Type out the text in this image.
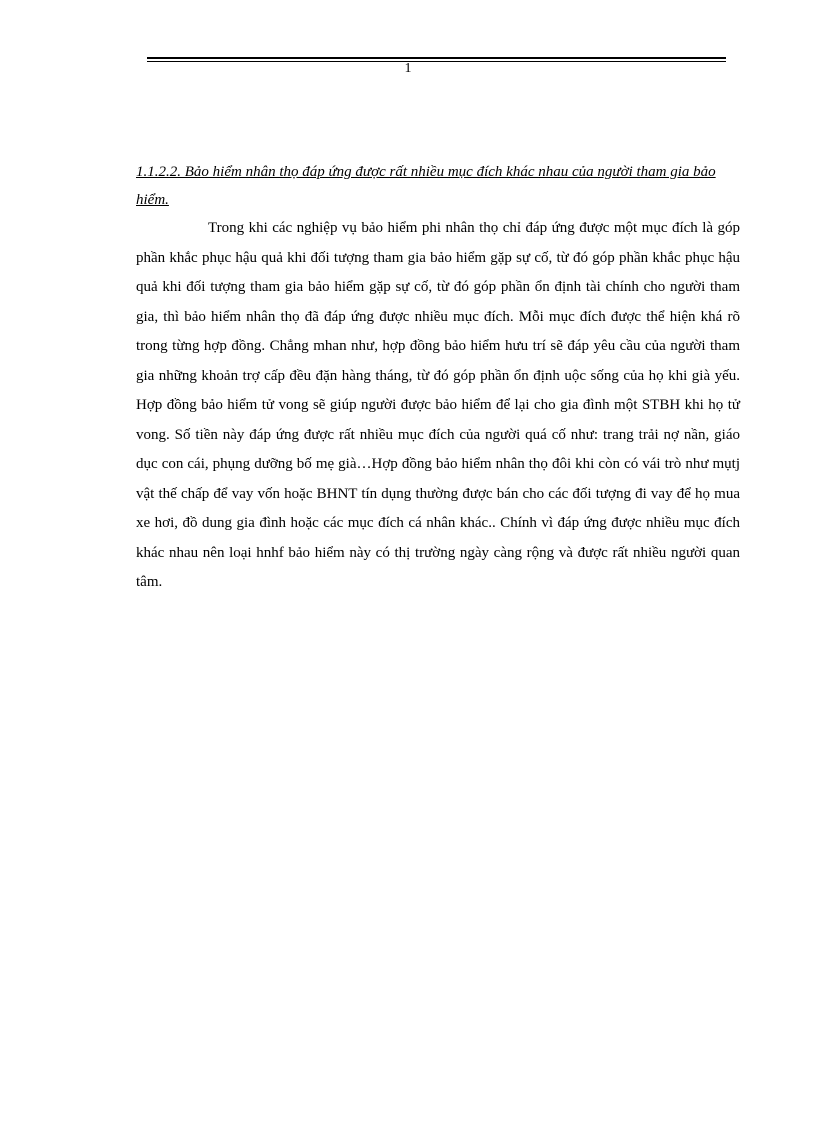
1
1.1.2.2. Bảo hiểm nhân thọ đáp ứng được rất nhiều mục đích khác nhau của người tham gia bảo hiểm.

Trong khi các nghiệp vụ bảo hiểm phi nhân thọ chỉ đáp ứng được một mục đích là góp phần khắc phục hậu quả khi đối tượng tham gia bảo hiểm gặp sự cố, từ đó góp phần khắc phục hậu quả khi đối tượng tham gia bảo hiểm gặp sự cố, từ đó góp phần ổn định tài chính cho người tham gia, thì bảo hiểm nhân thọ đã đáp ứng được nhiều mục đích. Mỗi mục đích được thể hiện khá rõ trong từng hợp đồng. Chẳng mhan như, hợp đồng bảo hiểm hưu trí sẽ đáp yêu cầu của người tham gia những khoản trợ cấp đều đặn hàng tháng, từ đó góp phần ổn định uộc sống của họ khi già yếu. Hợp đồng bảo hiểm tử vong sẽ giúp người được bảo hiểm để lại cho gia đình một STBH khi họ tử vong. Số tiền này đáp ứng được rất nhiều mục đích của người quá cố như: trang trải nợ nần, giáo dục con cái, phụng dưỡng bố mẹ già…Hợp đồng bảo hiểm nhân thọ đôi khi còn có vái trò như mụtj vật thế chấp để vay vốn hoặc BHNT tín dụng thường được bán cho các đối tượng đi vay để họ mua xe hơi, đồ dung gia đình hoặc các mục đích cá nhân khác.. Chính vì đáp ứng được nhiều mục đích khác nhau nên loại hnhf bảo hiểm này có thị trường ngày càng rộng và được rất nhiều người quan tâm.
